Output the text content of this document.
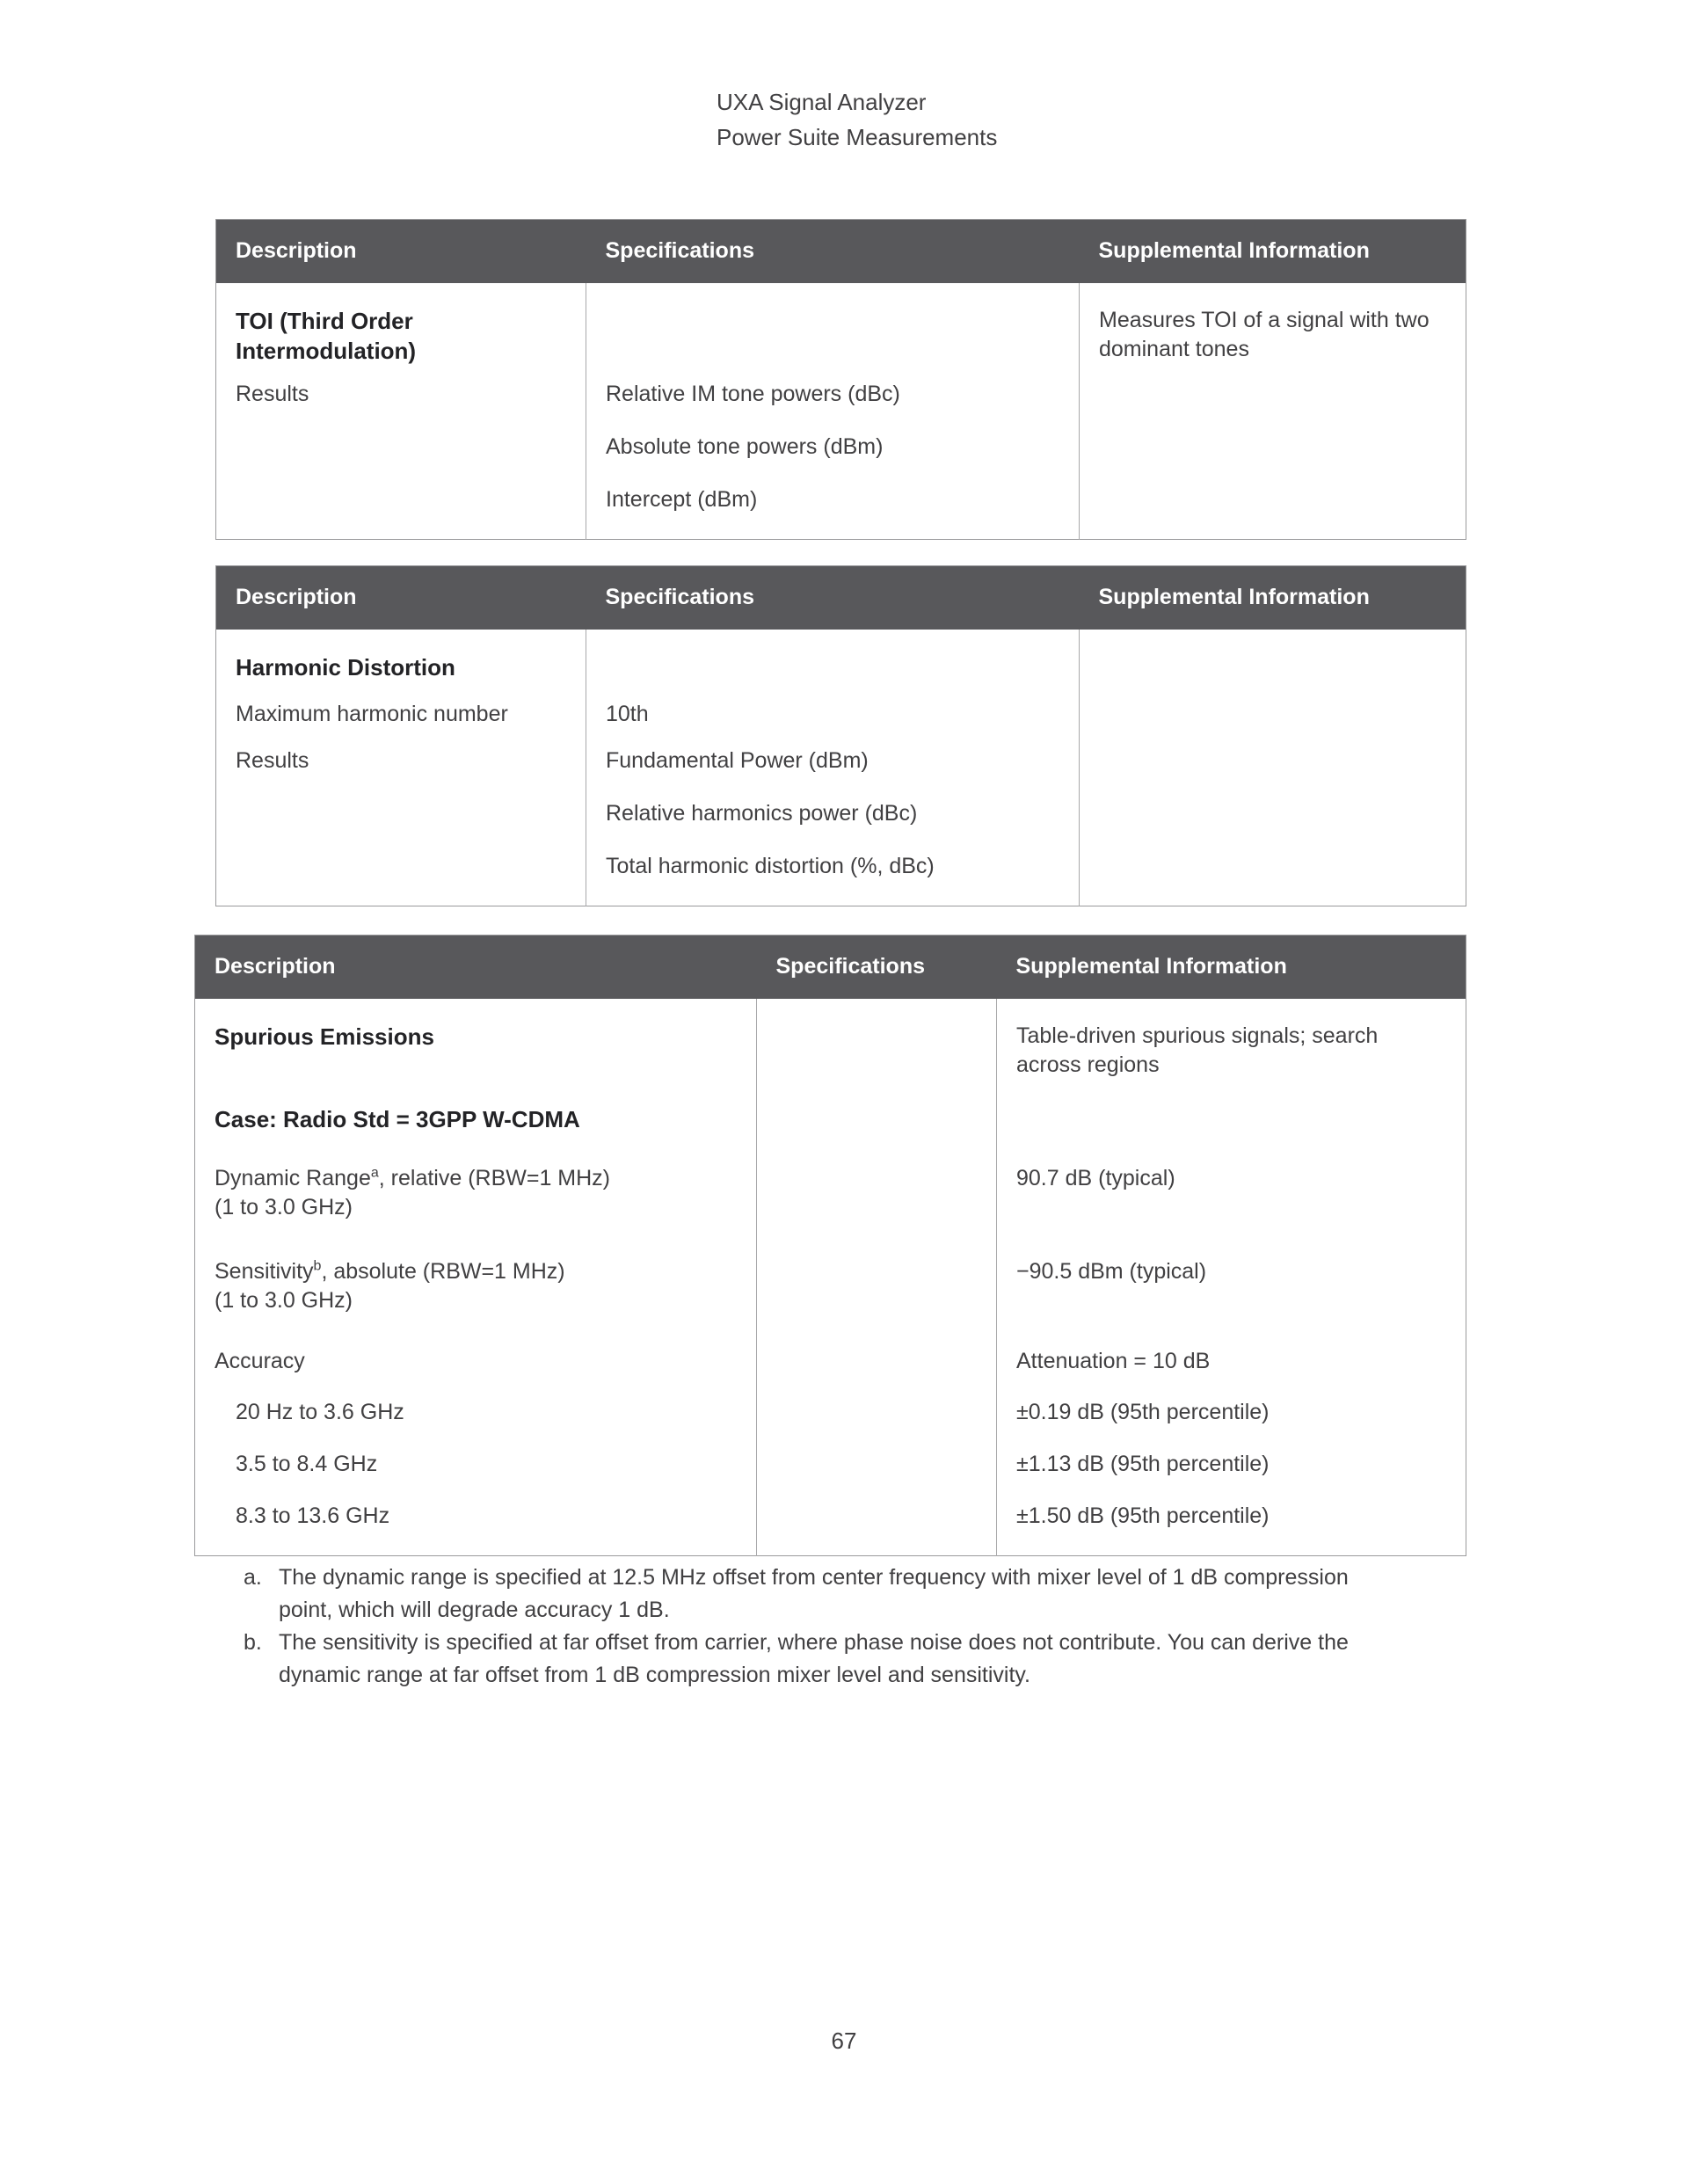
UXA Signal Analyzer
Power Suite Measurements
Description	Specifications	Supplemental Information

TOI (Third Order Intermodulation)		Measures TOI of a signal with two dominant tones

Results	Relative IM tone powers (dBc)

Absolute tone powers (dBm)

Intercept (dBm)	

Description	Specifications	Supplemental Information

Harmonic Distortion		

Maximum harmonic number	10th	

Results	Fundamental Power (dBm)

Relative harmonics power (dBc)

Total harmonic distortion (%, dBc)	

Description	Specifications	Supplemental Information

Spurious Emissions		Table-driven spurious signals; search across regions

Case: Radio Std = 3GPP W-CDMA		

Dynamic Range$^a$, relative (RBW=1 MHz)
(1 to 3.0 GHz)		90.7 dB (typical)

Sensitivity$^b$, absolute (RBW=1 MHz)
(1 to 3.0 GHz)		−90.5 dBm (typical)

Accuracy		Attenuation = 10 dB

20 Hz to 3.6 GHz		±0.19 dB (95th percentile)

3.5 to 8.4 GHz		±1.13 dB (95th percentile)

8.3 to 13.6 GHz		±1.50 dB (95th percentile)
a. The dynamic range is specified at 12.5 MHz offset from center frequency with mixer level of 1 dB compression point, which will degrade accuracy 1 dB.
b. The sensitivity is specified at far offset from carrier, where phase noise does not contribute. You can derive the dynamic range at far offset from 1 dB compression mixer level and sensitivity.
67
